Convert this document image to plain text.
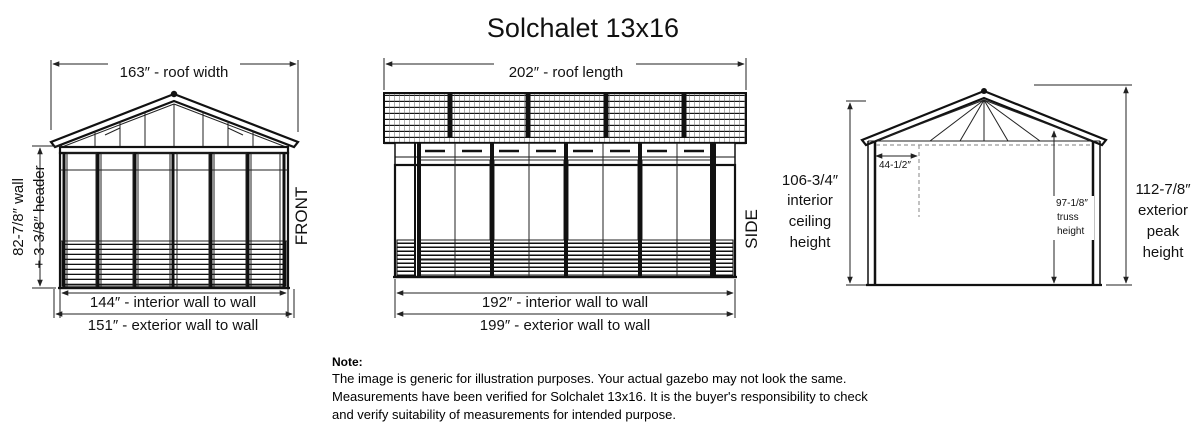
Solchalet 13x16
163″ - roof width
82-7/8″ wall + 3-3/8″ header	FRONT
144″ - interior wall to wall
151″ - exterior wall to wall
202″ - roof length
SIDE
192″ - interior wall to wall
199″ - exterior wall to wall
106-3/4″
interior
ceiling
height
44-1/2″
97-1/8″
truss
height
112-7/8″
exterior
peak
height
Note:
The image is generic for illustration purposes. Your actual gazebo may not look the same.
Measurements have been verified for Solchalet 13x16. It is the buyer's responsibility to check
and verify suitability of measurements for intended purpose.
